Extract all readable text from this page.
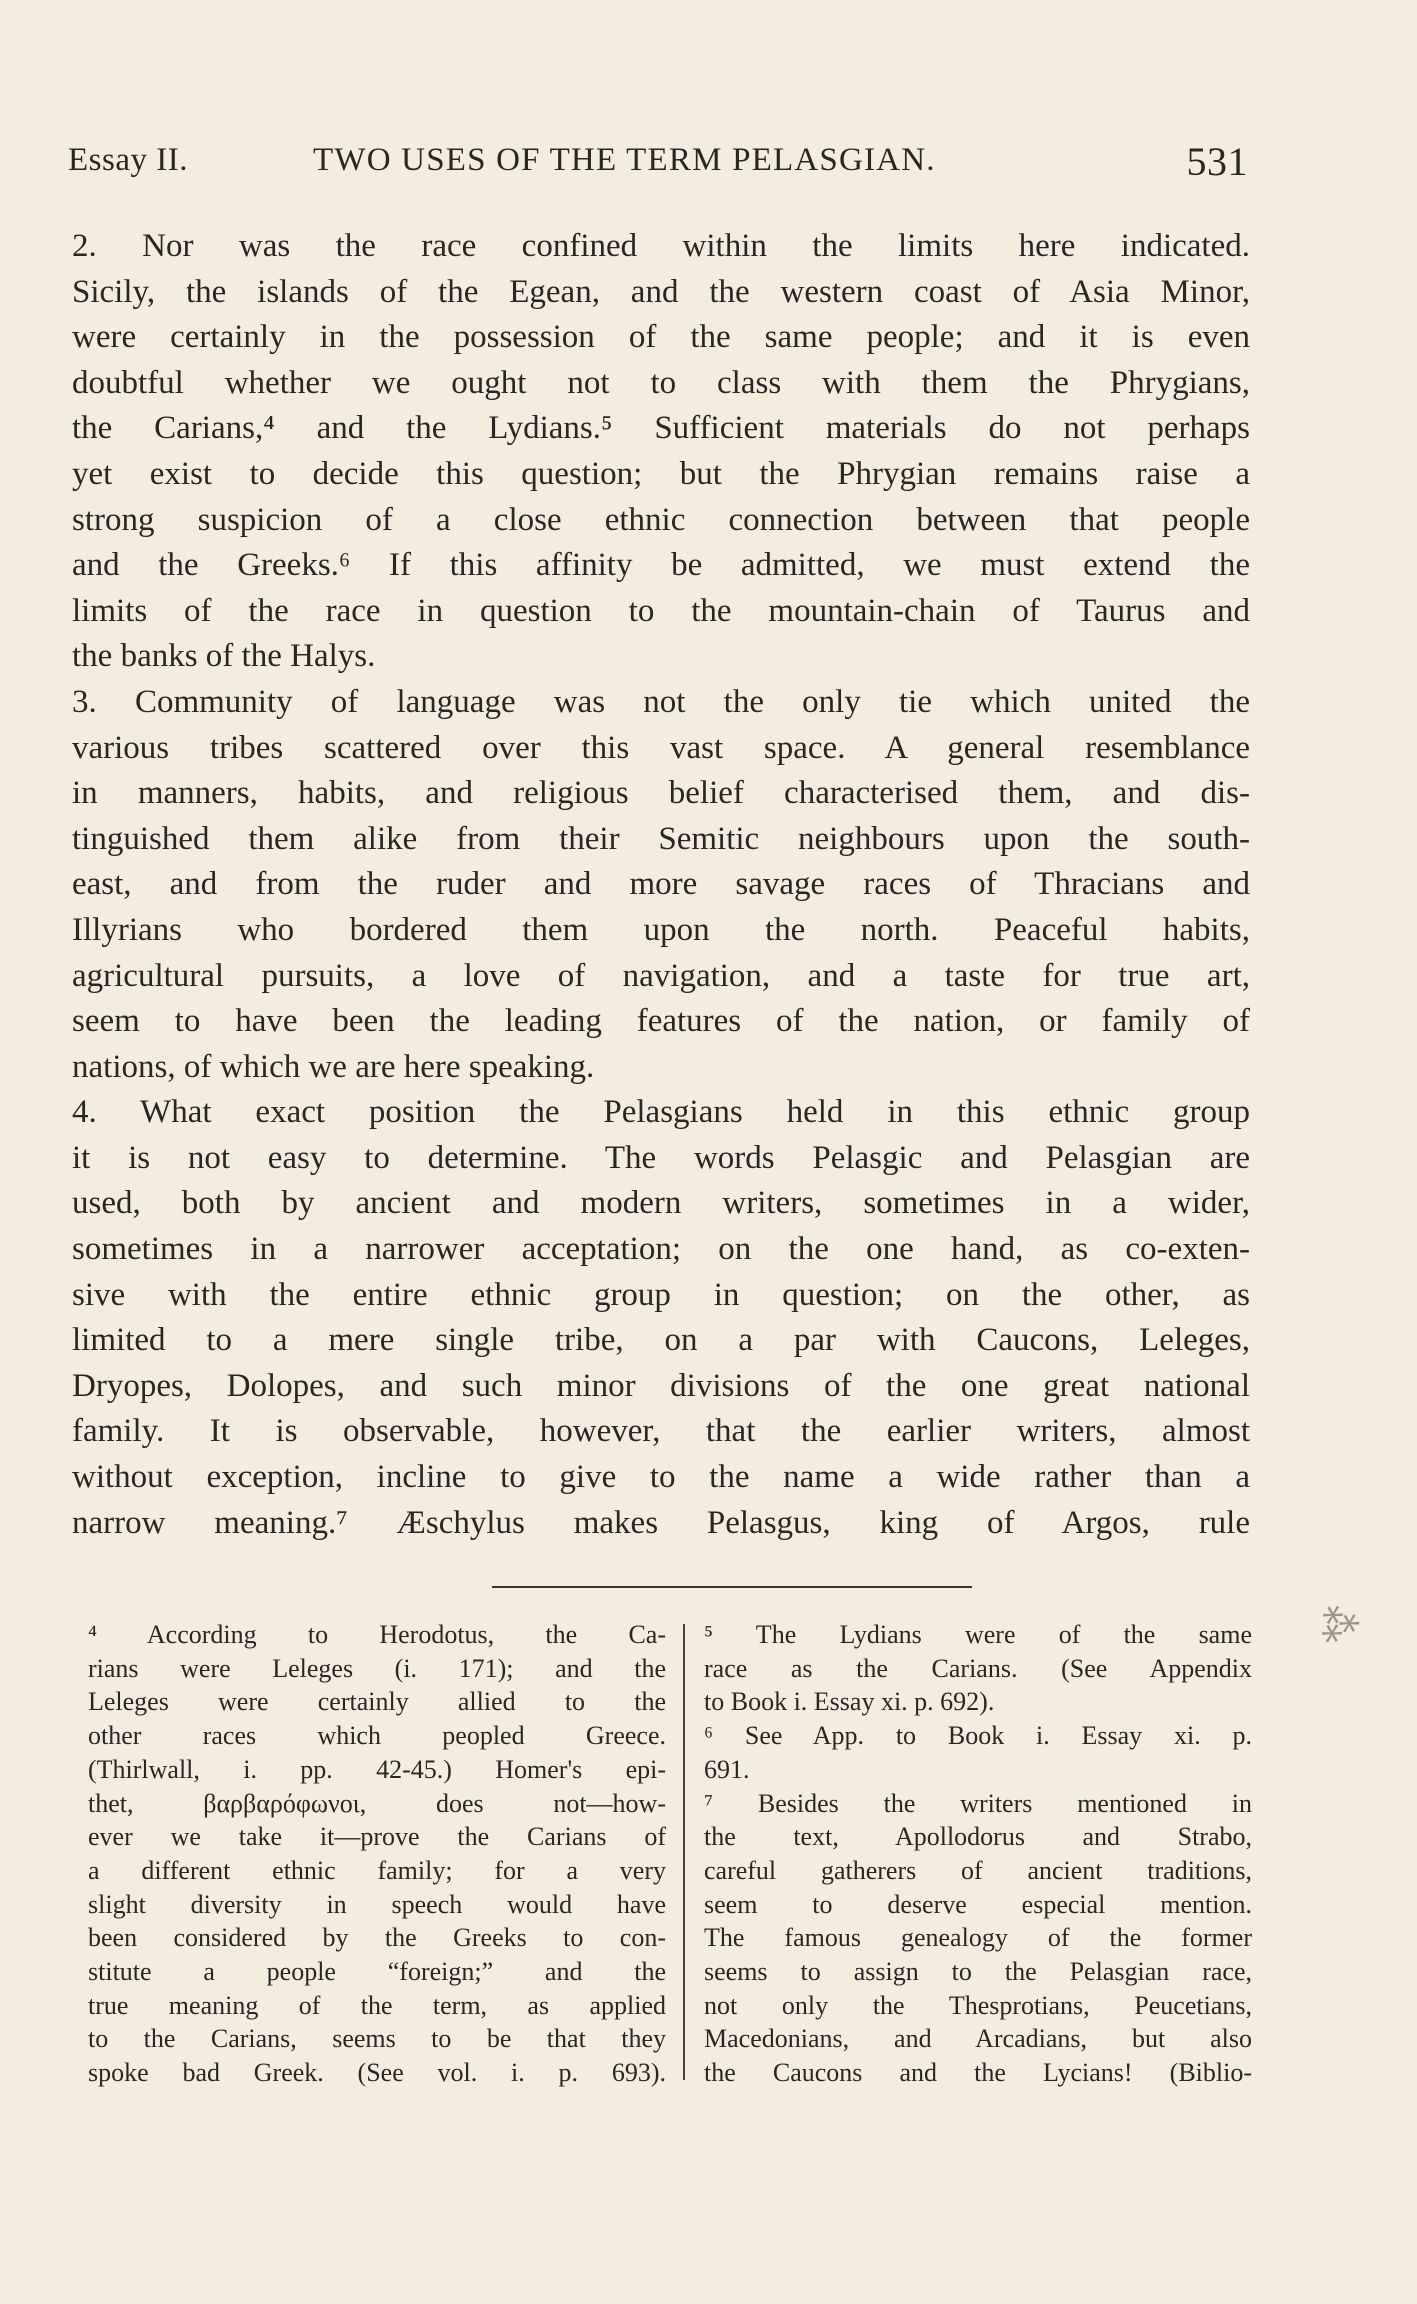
Essay II.	TWO USES OF THE TERM PELASGIAN.	531
2. Nor was the race confined within the limits here indicated.
Sicily, the islands of the Egean, and the western coast of Asia Minor,
were certainly in the possession of the same people; and it is even
doubtful whether we ought not to class with them the Phrygians,
the Carians,⁴ and the Lydians.⁵ Sufficient materials do not perhaps
yet exist to decide this question; but the Phrygian remains raise a
strong suspicion of a close ethnic connection between that people
and the Greeks.⁶ If this affinity be admitted, we must extend the
limits of the race in question to the mountain-chain of Taurus and
the banks of the Halys.
3. Community of language was not the only tie which united the
various tribes scattered over this vast space. A general resemblance
in manners, habits, and religious belief characterised them, and dis-
tinguished them alike from their Semitic neighbours upon the south-
east, and from the ruder and more savage races of Thracians and
Illyrians who bordered them upon the north. Peaceful habits,
agricultural pursuits, a love of navigation, and a taste for true art,
seem to have been the leading features of the nation, or family of
nations, of which we are here speaking.
4. What exact position the Pelasgians held in this ethnic group
it is not easy to determine. The words Pelasgic and Pelasgian are
used, both by ancient and modern writers, sometimes in a wider,
sometimes in a narrower acceptation; on the one hand, as co-exten-
sive with the entire ethnic group in question; on the other, as
limited to a mere single tribe, on a par with Caucons, Leleges,
Dryopes, Dolopes, and such minor divisions of the one great national
family. It is observable, however, that the earlier writers, almost
without exception, incline to give to the name a wide rather than a
narrow meaning.⁷ Æschylus makes Pelasgus, king of Argos, rule
⁴ According to Herodotus, the Ca-
rians were Leleges (i. 171); and the
Leleges were certainly allied to the
other races which peopled Greece.
(Thirlwall, i. pp. 42-45.) Homer's epi-
thet, βαρβαρόφωνοι, does not—how-
ever we take it—prove the Carians of
a different ethnic family; for a very
slight diversity in speech would have
been considered by the Greeks to con-
stitute a people “foreign;” and the
true meaning of the term, as applied
to the Carians, seems to be that they
spoke bad Greek. (See vol. i. p. 693).
⁵ The Lydians were of the same
race as the Carians. (See Appendix
to Book i. Essay xi. p. 692).
⁶ See App. to Book i. Essay xi. p.
691.
⁷ Besides the writers mentioned in
the text, Apollodorus and Strabo,
careful gatherers of ancient traditions,
seem to deserve especial mention.
The famous genealogy of the former
seems to assign to the Pelasgian race,
not only the Thesprotians, Peucetians,
Macedonians, and Arcadians, but also
the Caucons and the Lycians! (Biblio-
⁂
